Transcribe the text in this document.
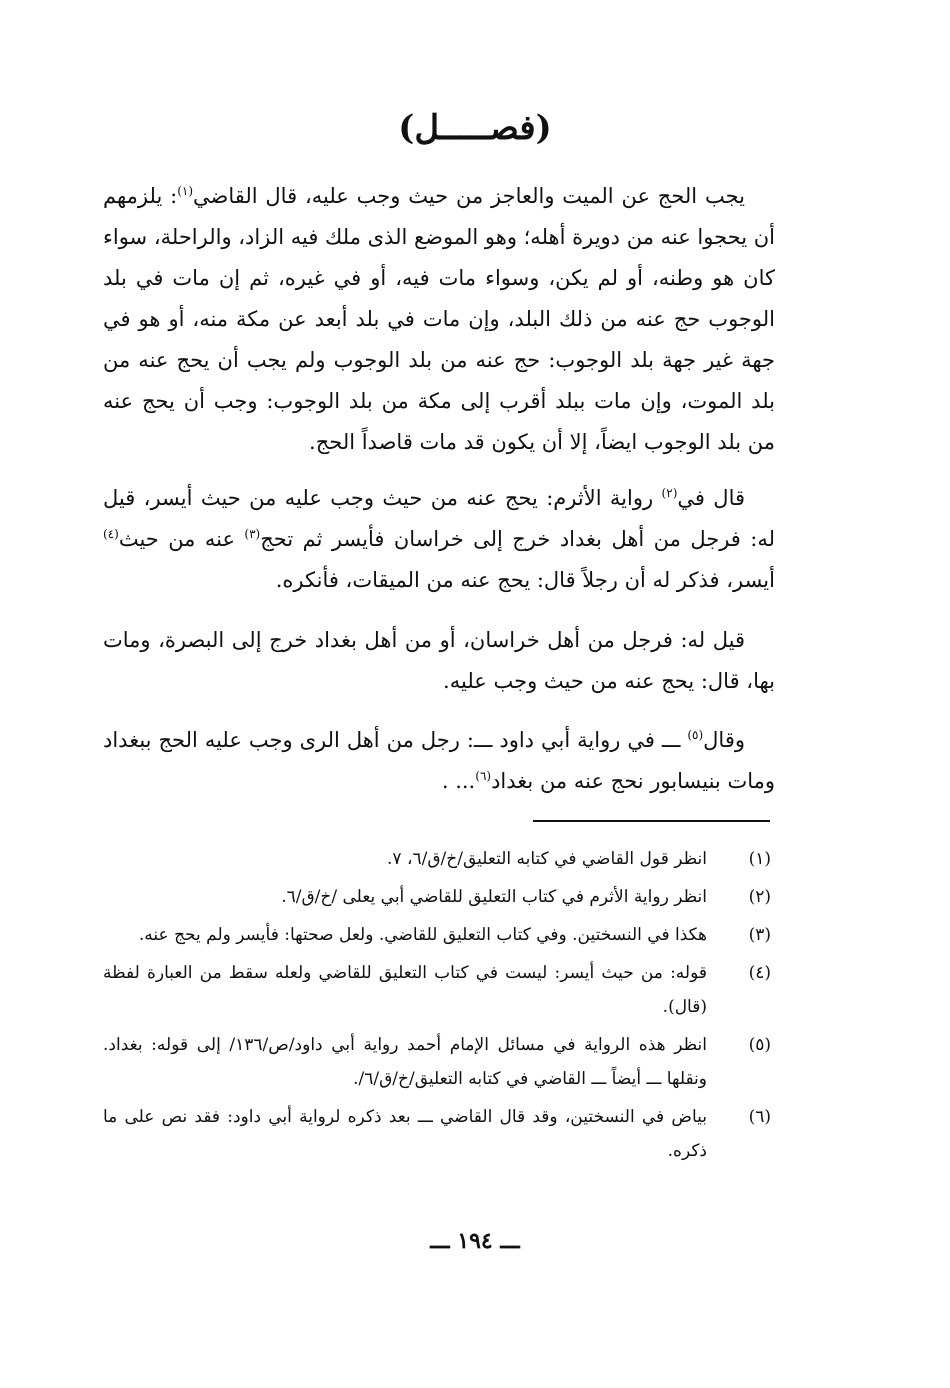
(فصـــــل)

يجب الحج عن الميت والعاجز من حيث وجب عليه، قال القاضي$^{(١)}$: يلزمهم أن يحجوا عنه من دويرة أهله؛ وهو الموضع الذى ملك فيه الزاد، والراحلة، سواء كان هو وطنه، أو لم يكن، وسواء مات فيه، أو في غيره، ثم إن مات في بلد الوجوب حج عنه من ذلك البلد، وإن مات في بلد أبعد عن مكة منه، أو هو في جهة غير جهة بلد الوجوب: حج عنه من بلد الوجوب ولم يجب أن يحج عنه من بلد الموت، وإن مات ببلد أقرب إلى مكة من بلد الوجوب: وجب أن يحج عنه من بلد الوجوب ايضاً، إلا أن يكون قد مات قاصداً الحج.

قال في$^{(٢)}$ رواية الأثرم: يحج عنه من حيث وجب عليه من حيث أيسر، قيل له: فرجل من أهل بغداد خرج إلى خراسان فأيسر ثم تحج$^{(٣)}$ عنه من حيث$^{(٤)}$ أيسر، فذكر له أن رجلاً قال: يحج عنه من الميقات، فأنكره.

قيل له: فرجل من أهل خراسان، أو من أهل بغداد خرج إلى البصرة، ومات بها، قال: يحج عنه من حيث وجب عليه.

وقال$^{(٥)}$ ـــ في رواية أبي داود ـــ: رجل من أهل الرى وجب عليه الحج ببغداد ومات بنيسابور نحج عنه من بغداد$^{(٦)}$... .

(١)
انظر قول القاضي في كتابه التعليق/خ/ق/٦، ٧.
(٢)
انظر رواية الأثرم في كتاب التعليق للقاضي أبي يعلى /خ/ق/٦.
(٣)
هكذا في النسختين. وفي كتاب التعليق للقاضي. ولعل صحتها: فأيسر ولم يحج عنه.
(٤)
قوله: من حيث أيسر: ليست في كتاب التعليق للقاضي ولعله سقط من العبارة لفظة (قال).
(٥)
انظر هذه الرواية في مسائل الإمام أحمد رواية أبي داود/ص/١٣٦/ إلى قوله: بغداد. ونقلها ـــ أيضاً ـــ القاضي في كتابه التعليق/خ/ق/٦/.
(٦)
بياض في النسختين، وقد قال القاضي ـــ بعد ذكره لرواية أبي داود: فقد نص على ما ذكره.
ـــ ١٩٤ ـــ
